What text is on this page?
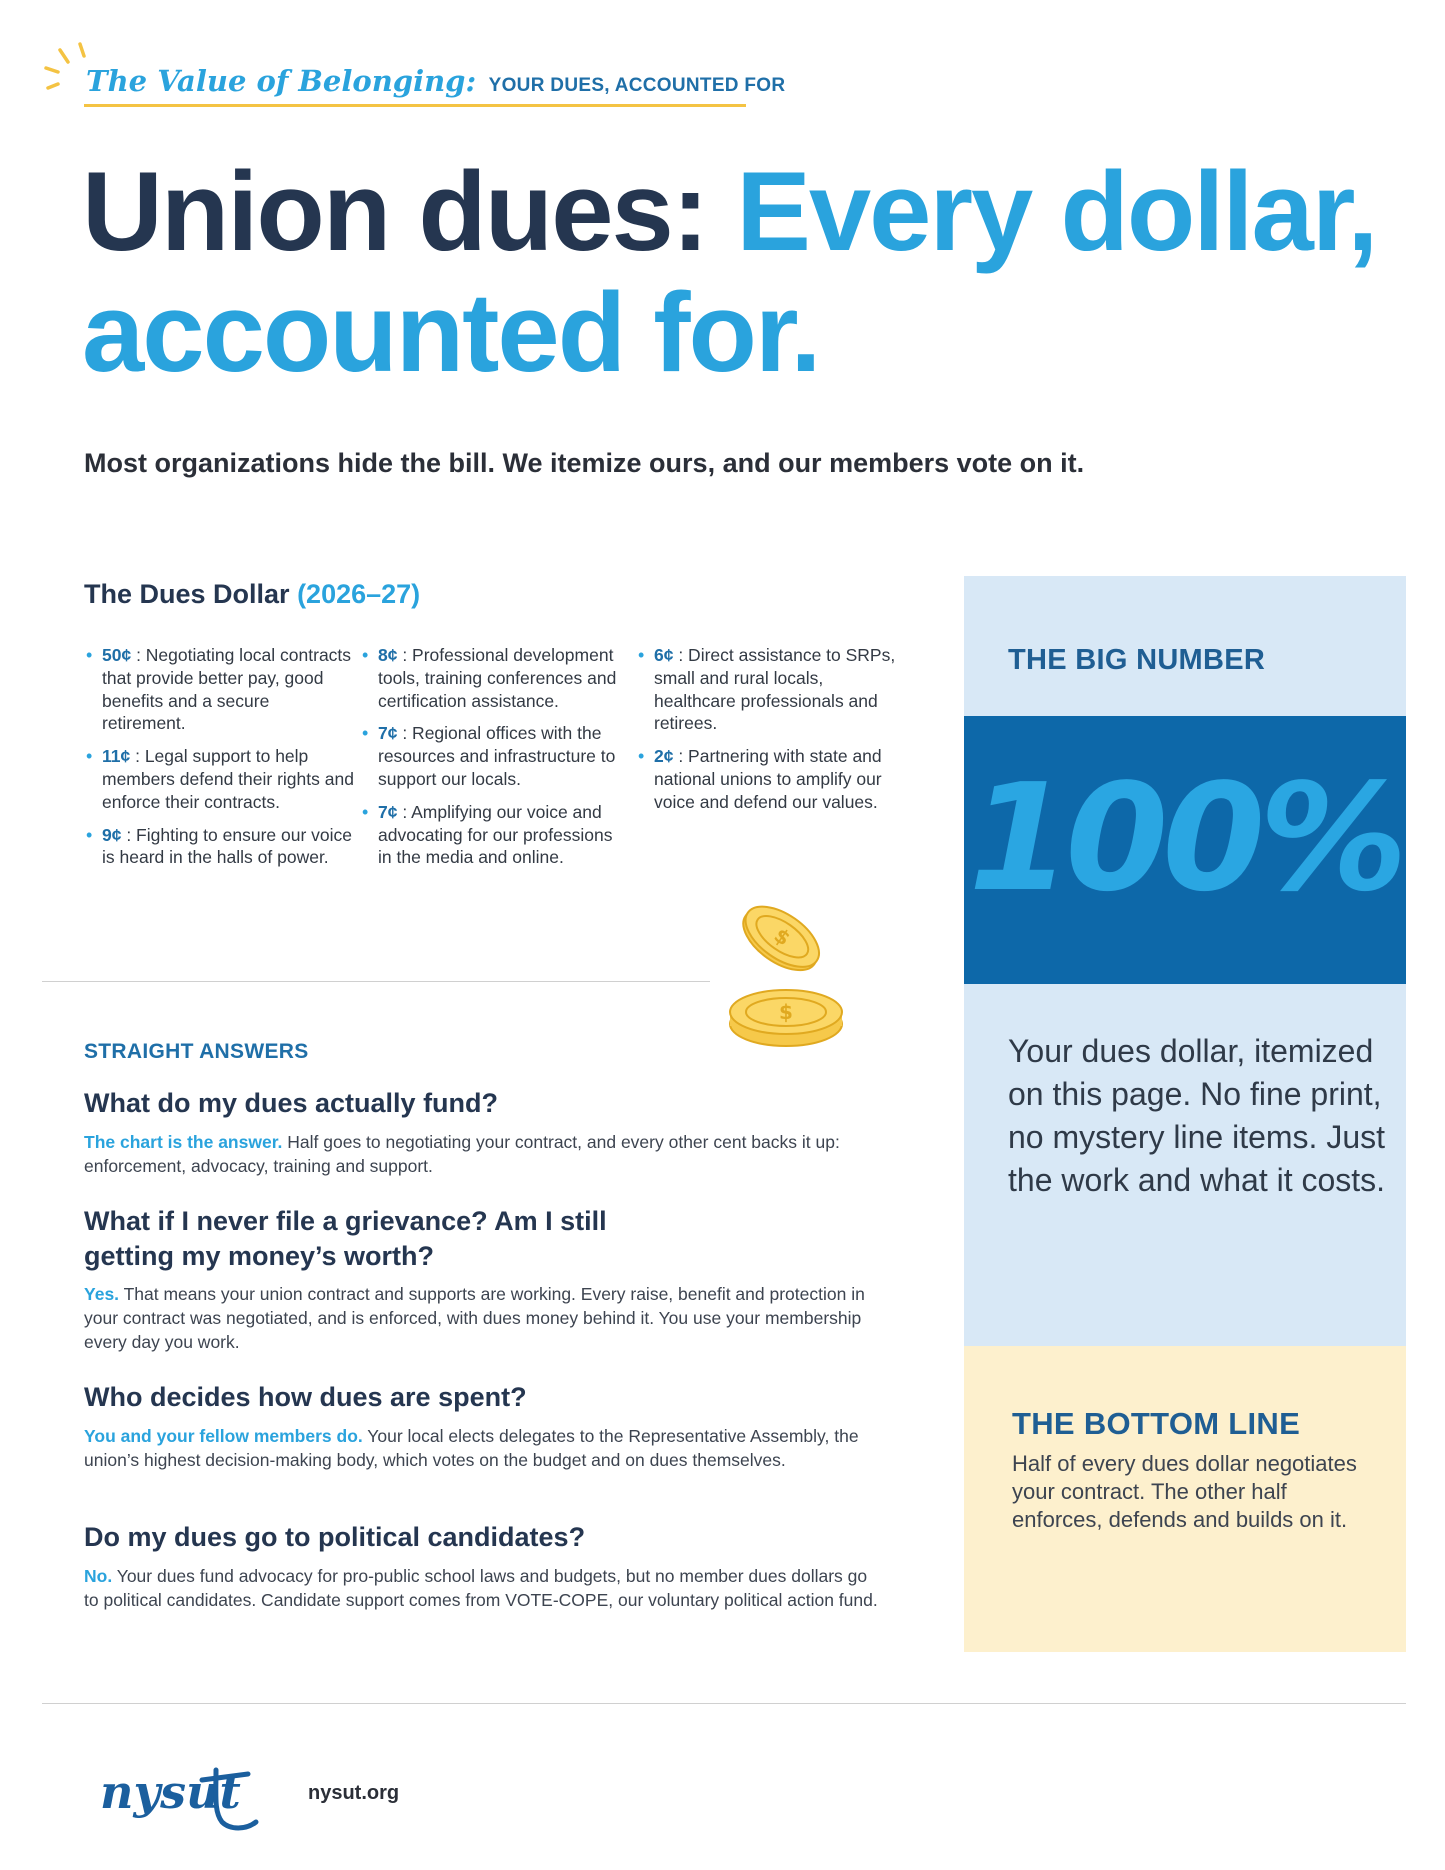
The Value of Belonging: YOUR DUES, ACCOUNTED FOR
Union dues: Every dollar, accounted for.

Most organizations hide the bill. We itemize ours, and our members vote on it.

The Dues Dollar (2026–27)
• 50¢ : Negotiating local contracts that provide better pay, good benefits and a secure retirement.
• 11¢ : Legal support to help members defend their rights and enforce their contracts.
• 9¢ : Fighting to ensure our voice is heard in the halls of power.
• 8¢ : Professional development tools, training conferences and certification assistance.
• 7¢ : Regional offices with the resources and infrastructure to support our locals.
• 7¢ : Amplifying our voice and advocating for our professions in the media and online.
• 6¢ : Direct assistance to SRPs, small and rural locals, healthcare professionals and retirees.
• 2¢ : Partnering with state and national unions to amplify our voice and defend our values.
$
$
STRAIGHT ANSWERS
What do my dues actually fund?

The chart is the answer. Half goes to negotiating your contract, and every other cent backs it up: enforcement, advocacy, training and support.

What if I never file a grievance? Am I still getting my money’s worth?

Yes. That means your union contract and supports are working. Every raise, benefit and protection in your contract was negotiated, and is enforced, with dues money behind it. You use your membership every day you work.

Who decides how dues are spent?

You and your fellow members do. Your local elects delegates to the Representative Assembly, the union’s highest decision-making body, which votes on the budget and on dues themselves.

Do my dues go to political candidates?

No. Your dues fund advocacy for pro-public school laws and budgets, but no member dues dollars go to political candidates. Candidate support comes from VOTE-COPE, our voluntary political action fund.

THE BIG NUMBER
100%

Your dues dollar, itemized on this page. No fine print, no mystery line items. Just the work and what it costs.

THE BOTTOM LINE

Half of every dues dollar negotiates your contract. The other half enforces, defends and builds on it.

nysut	nysut.org
